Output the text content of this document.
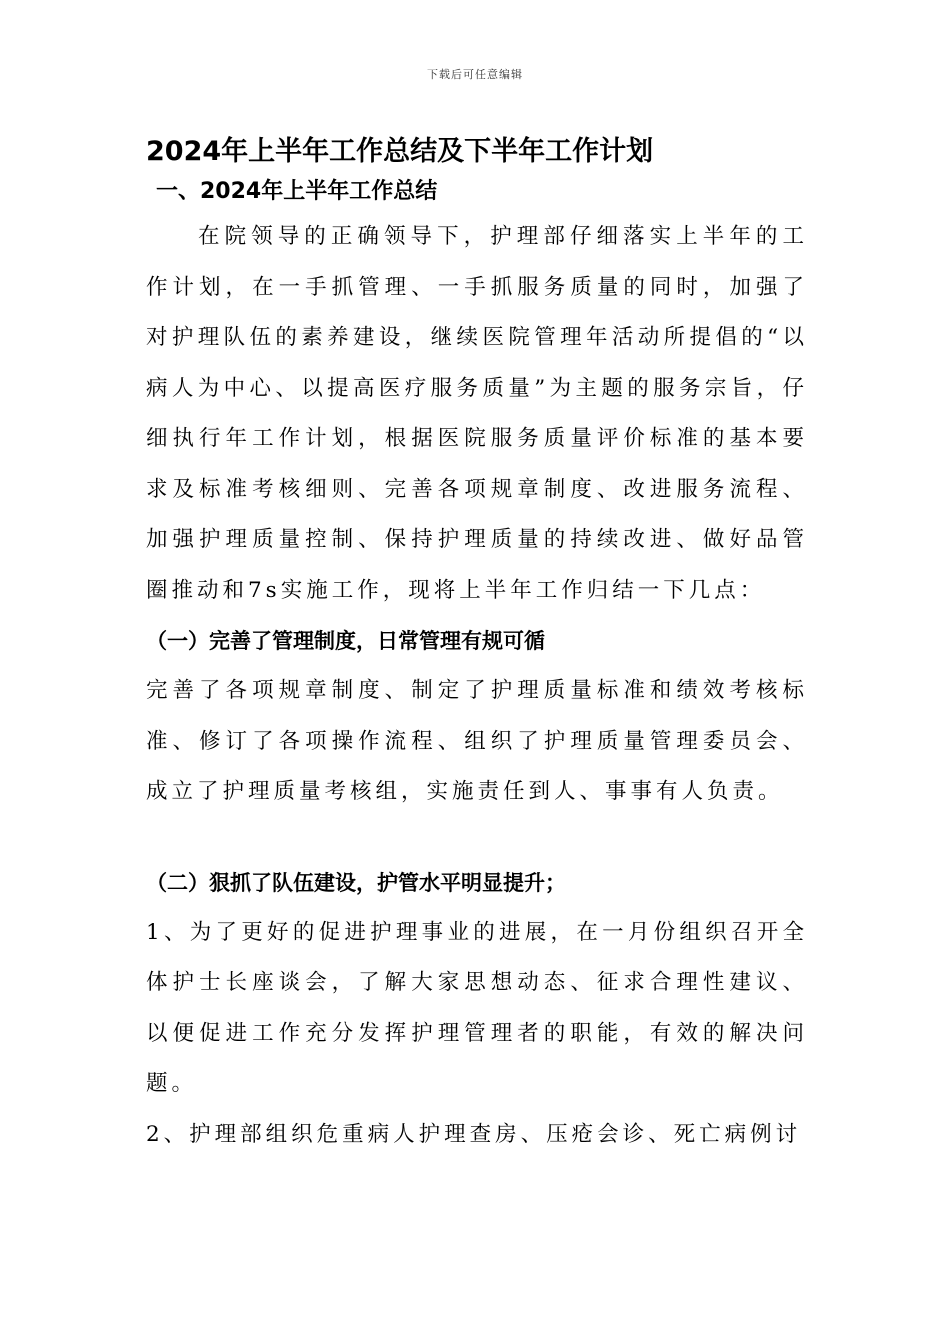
下载后可任意编辑
2024年上半年工作总结及下半年工作计划
一、2024年上半年工作总结

在院领导的正确领导下，护理部仔细落实上半年的工作计划，在一手抓管理、一手抓服务质量的同时，加强了对护理队伍的素养建设，继续医院管理年活动所提倡的“以病人为中心、以提高医疗服务质量”为主题的服务宗旨，仔细执行年工作计划，根据医院服务质量评价标准的基本要求及标准考核细则、完善各项规章制度、改进服务流程、加强护理质量控制、保持护理质量的持续改进、做好品管圈推动和7s实施工作，现将上半年工作归结一下几点：

（一）完善了管理制度，日常管理有规可循

完善了各项规章制度、制定了护理质量标准和绩效考核标准、修订了各项操作流程、组织了护理质量管理委员会、成立了护理质量考核组，实施责任到人、事事有人负责。

（二）狠抓了队伍建设，护管水平明显提升；

1、为了更好的促进护理事业的进展，在一月份组织召开全体护士长座谈会，了解大家思想动态、征求合理性建议、以便促进工作充分发挥护理管理者的职能，有效的解决问题。

2、护理部组织危重病人护理查房、压疮会诊、死亡病例讨
